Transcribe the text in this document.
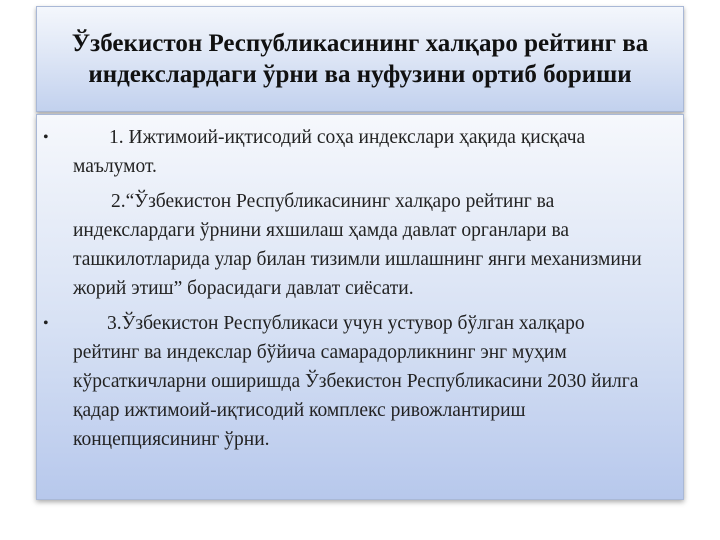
Ўзбекистон Республикасининг халқаро рейтинг ва индекслардаги ўрни ва нуфузини ортиб бориши
•	1. Ижтимоий-иқтисодий соҳа индекслари ҳақида қисқача маълумот.

2.“Ўзбекистон Республикасининг халқаро рейтинг ва индекслардаги ўрнини яхшилаш ҳамда давлат органлари ва ташкилотларида улар билан тизимли ишлашнинг янги механизмини жорий этиш” борасидаги давлат сиёсати.

•	3.Ўзбекистон Республикаси учун устувор бўлган халқаро рейтинг ва индекслар бўйича самарадорликнинг энг муҳим кўрсаткичларни оширишда Ўзбекистон Республикасини 2030 йилга қадар ижтимоий-иқтисодий комплекс ривожлантириш концепциясининг ўрни.
